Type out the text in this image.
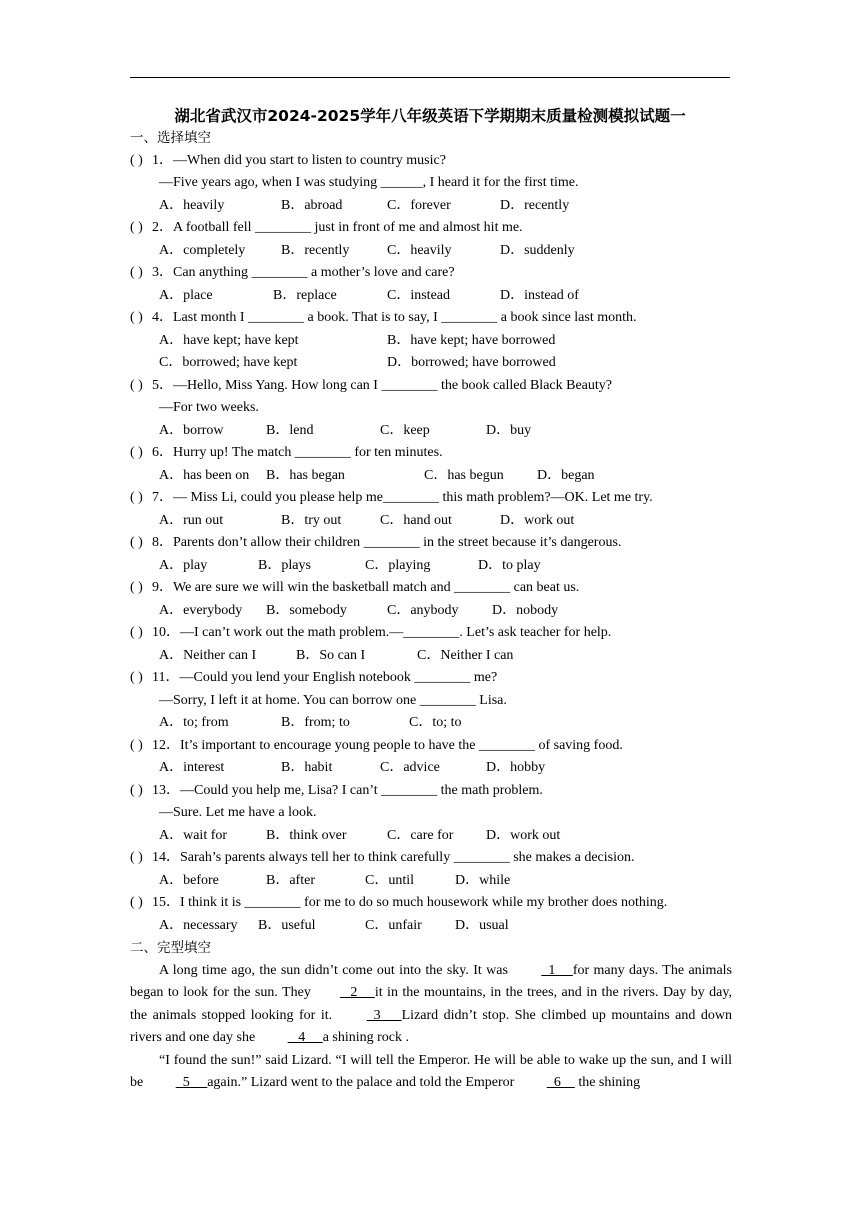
湖北省武汉市2024-2025学年八年级英语下学期期末质量检测模拟试题一
一、选择填空
( ) 1．—When did you start to listen to country music?
—Five years ago, when I was studying ______, I heard it for the first time.
A．heavily	B．abroad	C．forever	D．recently
( ) 2．A football fell ________ just in front of me and almost hit me.
A．completely	B．recently	C．heavily	D．suddenly
( ) 3．Can anything ________ a mother’s love and care?
A．place	B．replace	C．instead	D．instead of
( ) 4．Last month I ________ a book. That is to say, I ________ a book since last month.
A．have kept; have kept	B．have kept; have borrowed
C．borrowed; have kept	D．borrowed; have borrowed
( ) 5．—Hello, Miss Yang. How long can I ________ the book called Black Beauty?
—For two weeks.
A．borrow	B．lend	C．keep	D．buy
( ) 6．Hurry up! The match ________ for ten minutes.
A．has been on B．has began	C．has begun D．began
( ) 7．— Miss Li, could you please help me________ this math problem?—OK. Let me try.
A．run out	B．try out	C．hand out	D．work out
( ) 8．Parents don’t allow their children ________ in the street because it’s dangerous.
A．play	B．plays	C．playing	D．to play
( ) 9．We are sure we will win the basketball match and ________ can beat us.
A．everybody B．somebody	C．anybody D．nobody
( ) 10．—I can’t work out the math problem.—________. Let’s ask teacher for help.
A．Neither can I	B．So can I	C．Neither I can
( ) 11．—Could you lend your English notebook ________ me?
—Sorry, I left it at home. You can borrow one ________ Lisa.
A．to; from	B．from; to	C．to; to
( ) 12．It’s important to encourage young people to have the ________ of saving food.
A．interest	B．habit	C．advice	D．hobby
( ) 13．—Could you help me, Lisa? I can’t ________ the math problem.
—Sure. Let me have a look.
A．wait for	B．think over	C．care for D．work out
( ) 14．Sarah’s parents always tell her to think carefully ________ she makes a decision.
A．before	B．after	C．until	D．while
( ) 15．I think it is ________ for me to do so much housework while my brother does nothing.
A．necessary B．useful	C．unfair D．usual
二、完型填空

A long time ago, the sun didn’t come out into the sky. It was   1     for many days. The animals began to look for the sun. They   2     it in the mountains, in the trees, and in the rivers. Day by day, the animals stopped looking for it.   3      Lizard didn’t stop. She climbed up mountains and down rivers and one day she    4     a shining rock .

“I found the sun!” said Lizard. “I will tell the Emperor. He will be able to wake up the sun, and I will be   5     again.” Lizard went to the palace and told the Emperor   6     the shining
